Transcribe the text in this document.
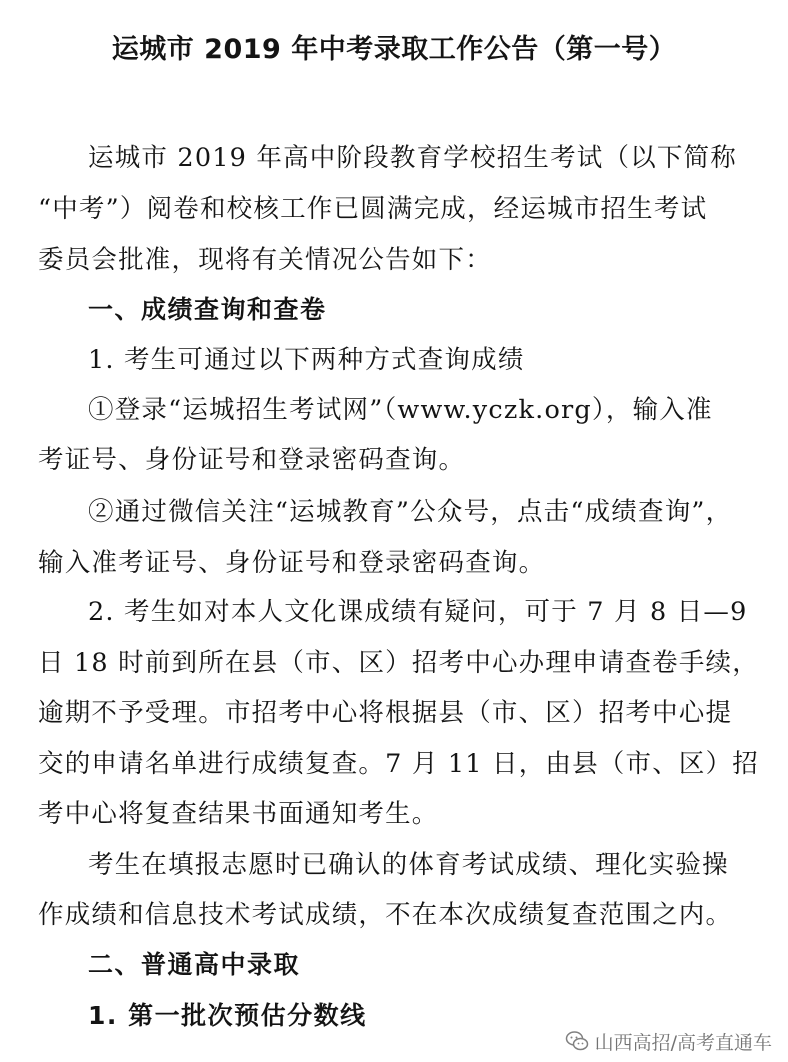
运城市 2019 年中考录取工作公告（第一号）
运城市 2019 年高中阶段教育学校招生考试（以下简称
“中考”）阅卷和校核工作已圆满完成，经运城市招生考试
委员会批准，现将有关情况公告如下：
一、成绩查询和查卷
1. 考生可通过以下两种方式查询成绩
①登录“运城招生考试网”（www.yczk.org），输入准
考证号、身份证号和登录密码查询。
②通过微信关注“运城教育”公众号，点击“成绩查询”，
输入准考证号、身份证号和登录密码查询。
2. 考生如对本人文化课成绩有疑问，可于 7 月 8 日—9
日 18 时前到所在县（市、区）招考中心办理申请查卷手续，
逾期不予受理。市招考中心将根据县（市、区）招考中心提
交的申请名单进行成绩复查。7 月 11 日，由县（市、区）招
考中心将复查结果书面通知考生。
考生在填报志愿时已确认的体育考试成绩、理化实验操
作成绩和信息技术考试成绩，不在本次成绩复查范围之内。
二、普通高中录取
1. 第一批次预估分数线
山西高招/高考直通车
